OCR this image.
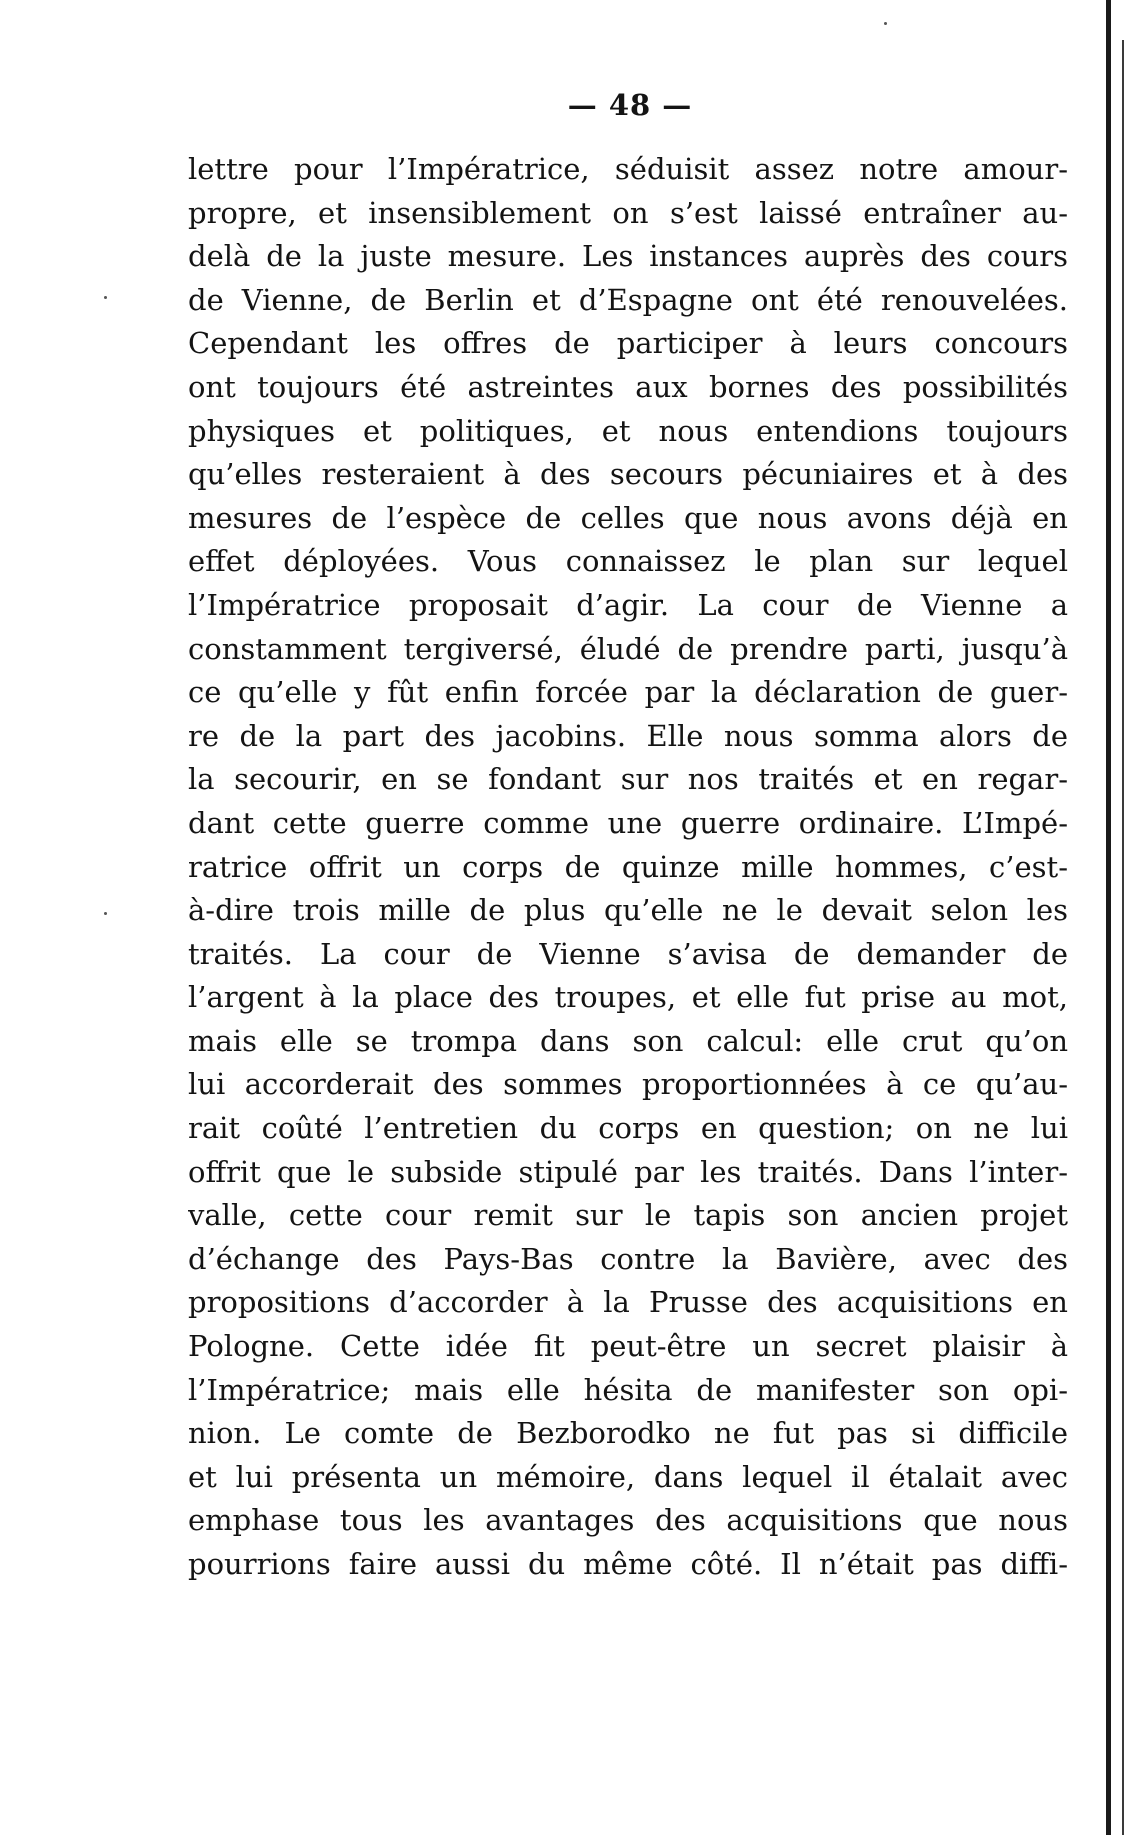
— 48 —
lettre pour l’Impératrice, séduisit assez notre amour-
propre, et insensiblement on s’est laissé entraîner au-
delà de la juste mesure. Les instances auprès des cours
de Vienne, de Berlin et d’Espagne ont été renouvelées.
Cependant les offres de participer à leurs concours
ont toujours été astreintes aux bornes des possibilités
physiques et politiques, et nous entendions toujours
qu’elles resteraient à des secours pécuniaires et à des
mesures de l’espèce de celles que nous avons déjà en
effet déployées. Vous connaissez le plan sur lequel
l’Impératrice proposait d’agir. La cour de Vienne a
constamment tergiversé, éludé de prendre parti, jusqu’à
ce qu’elle y fût enfin forcée par la déclaration de guer-
re de la part des jacobins. Elle nous somma alors de
la secourir, en se fondant sur nos traités et en regar-
dant cette guerre comme une guerre ordinaire. L’Impé-
ratrice offrit un corps de quinze mille hommes, c’est-
à-dire trois mille de plus qu’elle ne le devait selon les
traités. La cour de Vienne s’avisa de demander de
l’argent à la place des troupes, et elle fut prise au mot,
mais elle se trompa dans son calcul: elle crut qu’on
lui accorderait des sommes proportionnées à ce qu’au-
rait coûté l’entretien du corps en question; on ne lui
offrit que le subside stipulé par les traités. Dans l’inter-
valle, cette cour remit sur le tapis son ancien projet
d’échange des Pays-Bas contre la Bavière, avec des
propositions d’accorder à la Prusse des acquisitions en
Pologne. Cette idée fit peut-être un secret plaisir à
l’Impératrice; mais elle hésita de manifester son opi-
nion. Le comte de Bezborodko ne fut pas si difficile
et lui présenta un mémoire, dans lequel il étalait avec
emphase tous les avantages des acquisitions que nous
pourrions faire aussi du même côté. Il n’était pas diffi-
